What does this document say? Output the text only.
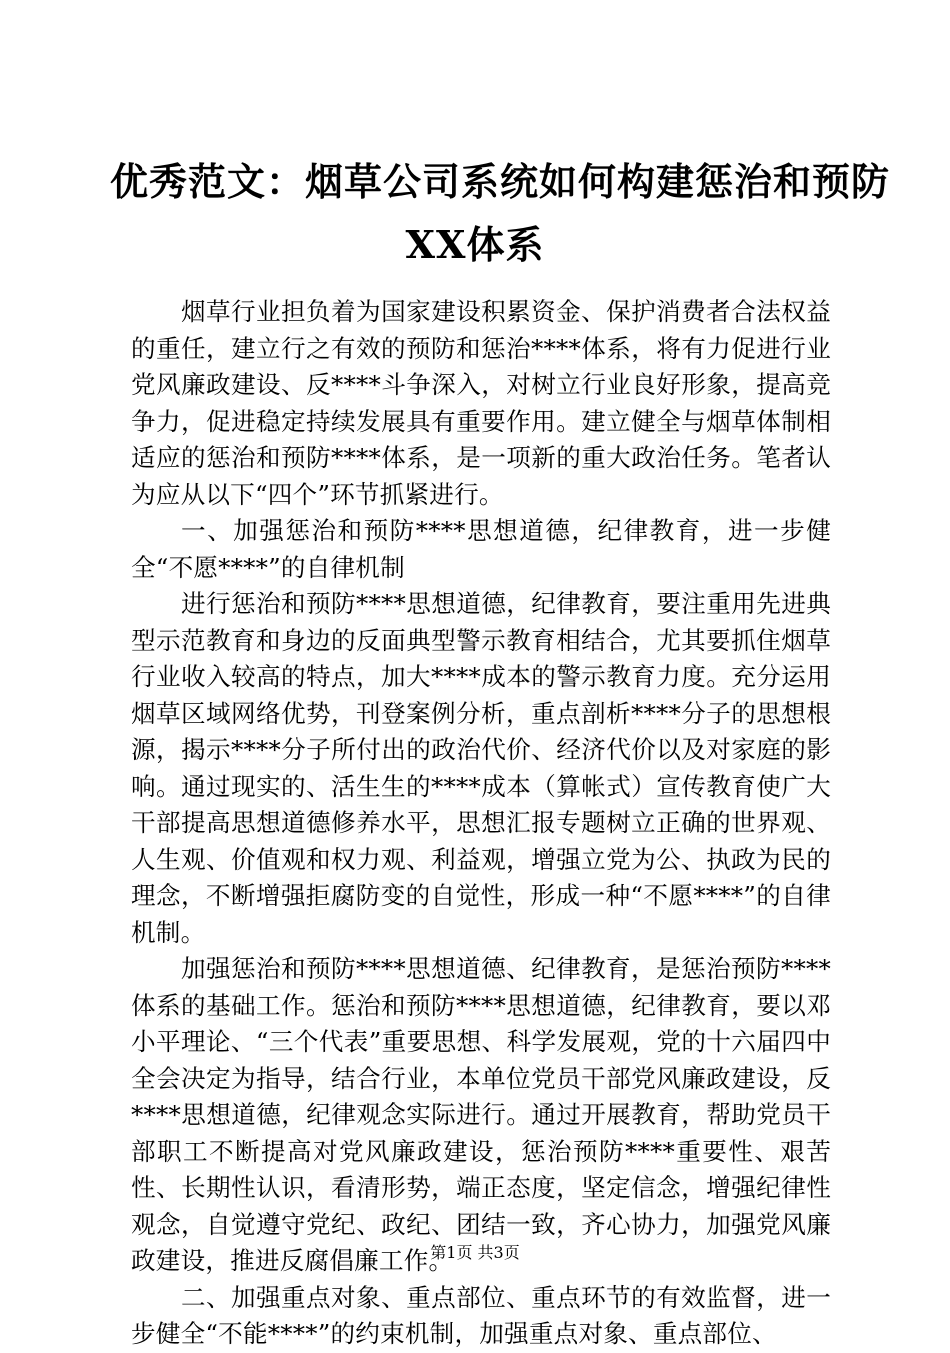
优秀范文：烟草公司系统如何构建惩治和预防
XX体系

烟草行业担负着为国家建设积累资金、保护消费者合法权益的重任，建立行之有效的预防和惩治****体系，将有力促进行业党风廉政建设、反****斗争深入，对树立行业良好形象，提高竞争力，促进稳定持续发展具有重要作用。建立健全与烟草体制相适应的惩治和预防****体系，是一项新的重大政治任务。笔者认为应从以下“四个”环节抓紧进行。

一、加强惩治和预防****思想道德，纪律教育，进一步健全“不愿****”的自律机制

进行惩治和预防****思想道德，纪律教育，要注重用先进典型示范教育和身边的反面典型警示教育相结合，尤其要抓住烟草行业收入较高的特点，加大****成本的警示教育力度。充分运用烟草区域网络优势，刊登案例分析，重点剖析****分子的思想根源，揭示****分子所付出的政治代价、经济代价以及对家庭的影响。通过现实的、活生生的****成本（算帐式）宣传教育使广大干部提高思想道德修养水平，思想汇报专题树立正确的世界观、人生观、价值观和权力观、利益观，增强立党为公、执政为民的理念，不断增强拒腐防变的自觉性，形成一种“不愿****”的自律机制。

加强惩治和预防****思想道德、纪律教育，是惩治预防****体系的基础工作。惩治和预防****思想道德，纪律教育，要以邓小平理论、“三个代表”重要思想、科学发展观，党的十六届四中全会决定为指导，结合行业，本单位党员干部党风廉政建设，反****思想道德，纪律观念实际进行。通过开展教育，帮助党员干部职工不断提高对党风廉政建设，惩治预防****重要性、艰苦性、长期性认识，看清形势，端正态度，坚定信念，增强纪律性观念，自觉遵守党纪、政纪、团结一致，齐心协力，加强党风廉政建设，推进反腐倡廉工作。

二、加强重点对象、重点部位、重点环节的有效监督，进一步健全“不能****”的约束机制，加强重点对象、重点部位、

第1页 共3页
